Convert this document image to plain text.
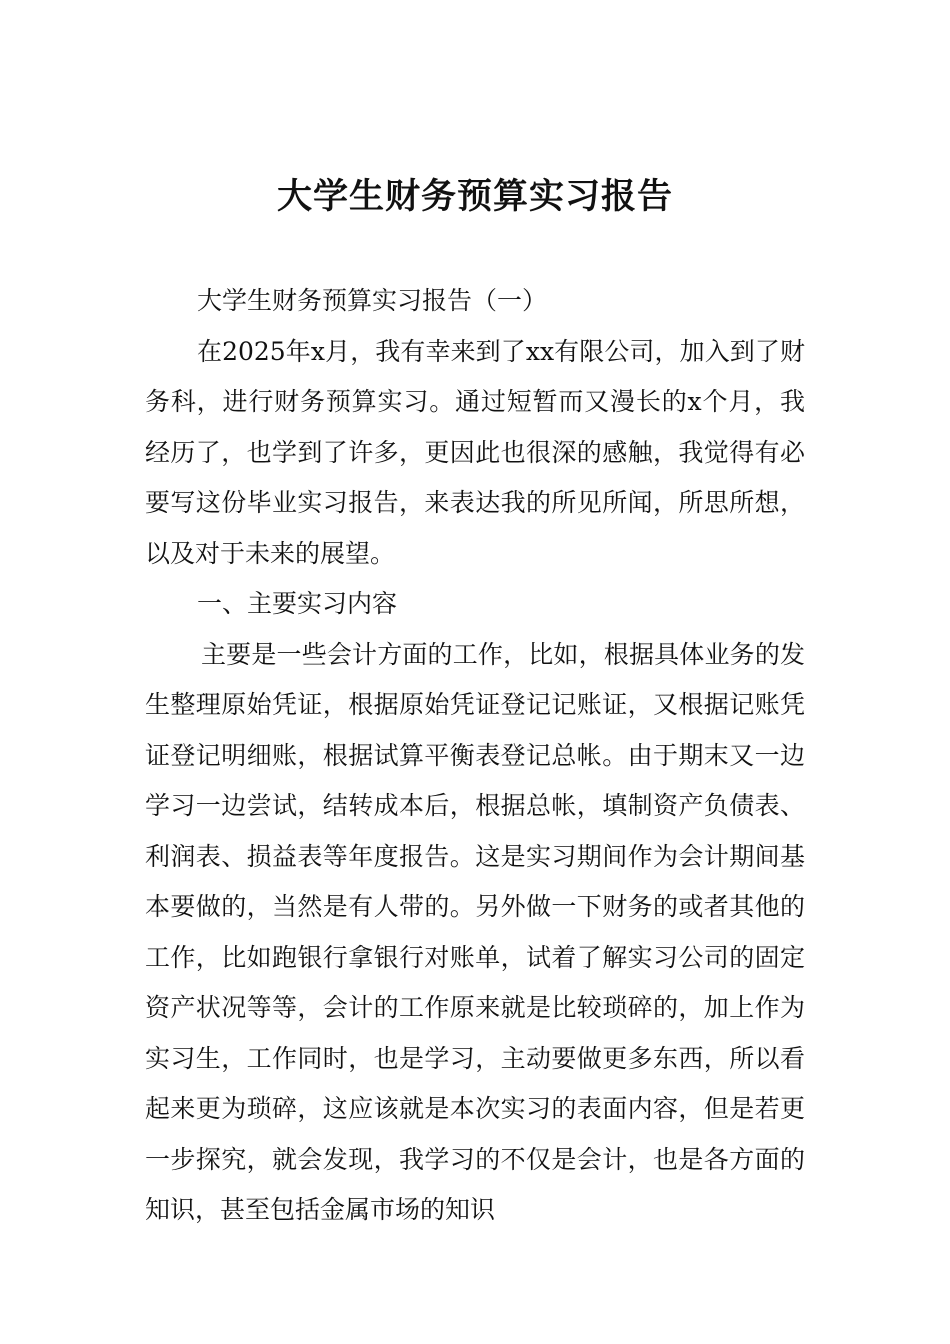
大学生财务预算实习报告

大学生财务预算实习报告（一）

在2025年x月，我有幸来到了xx有限公司，加入到了财务科，进行财务预算实习。通过短暂而又漫长的x个月，我经历了，也学到了许多，更因此也很深的感触，我觉得有必要写这份毕业实习报告，来表达我的所见所闻，所思所想，以及对于未来的展望。

一、主要实习内容

主要是一些会计方面的工作，比如，根据具体业务的发生整理原始凭证，根据原始凭证登记记账证，又根据记账凭证登记明细账，根据试算平衡表登记总帐。由于期末又一边学习一边尝试，结转成本后，根据总帐，填制资产负债表、利润表、损益表等年度报告。这是实习期间作为会计期间基本要做的，当然是有人带的。另外做一下财务的或者其他的工作，比如跑银行拿银行对账单，试着了解实习公司的固定资产状况等等，会计的工作原来就是比较琐碎的，加上作为实习生，工作同时，也是学习，主动要做更多东西，所以看起来更为琐碎，这应该就是本次实习的表面内容，但是若更一步探究，就会发现，我学习的不仅是会计，也是各方面的知识，甚至包括金属市场的知识
